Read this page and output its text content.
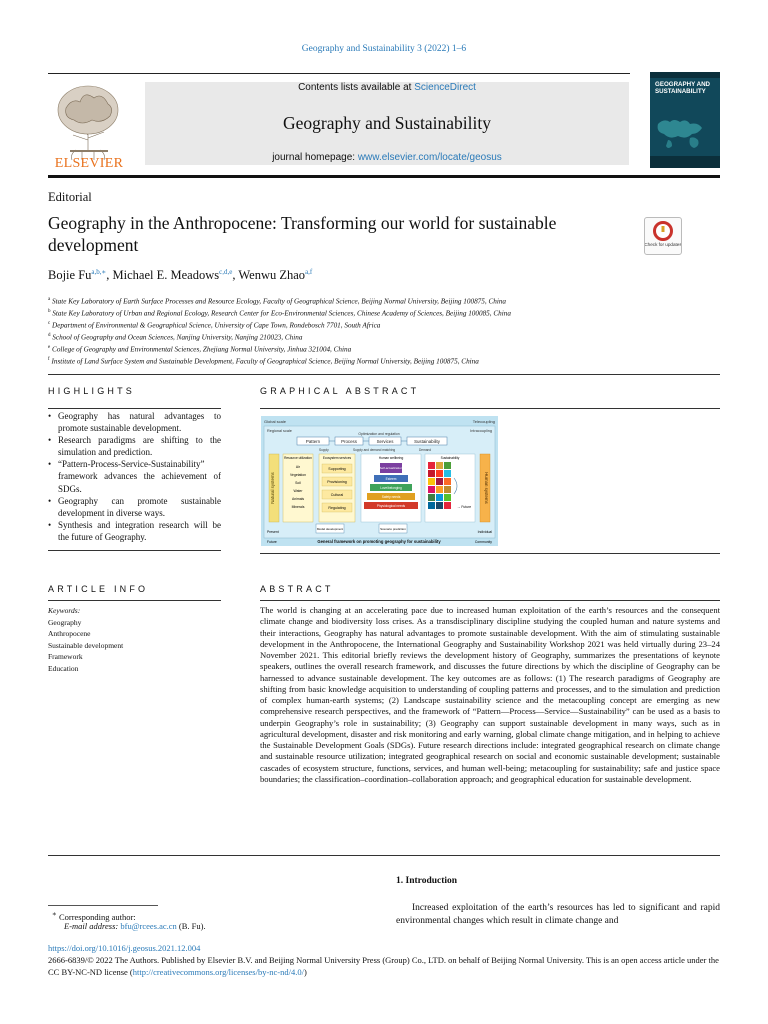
Geography and Sustainability 3 (2022) 1–6
Contents lists available at ScienceDirect
Geography and Sustainability
journal homepage: www.elsevier.com/locate/geosus
ELSEVIER
GEOGRAPHY AND
SUSTAINABILITY
Editorial
Geography in the Anthropocene: Transforming our world for sustainable development	Check for updates
Bojie $Fu^{a,b,∗}$, Michael E. Meadows$^{c,d,e}$, Wenwu Zhao$^{a,f}$
$^a$ State Key Laboratory of Earth Surface Processes and Resource Ecology, Faculty of Geographical Science, Beijing Normal University, Beijing 100875, China
$^b$ State Key Laboratory of Urban and Regional Ecology, Research Center for Eco-Environmental Sciences, Chinese Academy of Sciences, Beijing 100085, China
$^c$ Department of Environmental & Geographical Science, University of Cape Town, Rondebosch 7701, South Africa
$^d$ School of Geography and Ocean Sciences, Nanjing University, Nanjing 210023, China
$^e$ College of Geography and Environmental Sciences, Zhejiang Normal University, Jinhua 321004, China
$^f$ Institute of Land Surface System and Sustainable Development, Faculty of Geographical Science, Beijing Normal University, Beijing 100875, China
HIGHLIGHTS
• Geography has natural advantages to promote sustainable development.
• Research paradigms are shifting to the simulation and prediction.
• “Pattern-Process-Service-Sustainability” framework advances the achievement of SDGs.
• Geography can promote sustainable development in diverse ways.
• Synthesis and integration research will be the future of Geography.
GRAPHICAL ABSTRACT
Global scale	Telecoupling
Regional scale	Intracoupling
Optimization and regulation
Pattern	Process	Services	Sustainability
Supply	Supply and demand matching	Demand
Natural systems	Human systems
Resource utilization
Air
Vegetation
Soil
Water
Animals
Minerals
Ecosystem services
Supporting
Provisioning
Cultural
Regulating
Human wellbeing
Self-actualization
Esteem
Love/belonging
Safety needs
Physiological needs
Sustainability
→ Future
Model development	Scenario prediction
Present	Individual
Future	General framework on promoting geography for sustainability	Community
ARTICLE INFO
Keywords:
Geography
Anthropocene
Sustainable development
Framework
Education
ABSTRACT
The world is changing at an accelerating pace due to increased human exploitation of the earth’s resources and the consequent climate change and biodiversity loss crises. As a transdisciplinary discipline studying the coupled human and nature systems and their interactions, Geography has natural advantages to promote sustainable development. With the aim of stimulating sustainable development in the Anthropocene, the International Geography and Sustainability Workshop 2021 was held virtually during 23–24 November 2021. This editorial briefly reviews the development history of Geography, summarizes the presentations of keynote speakers, outlines the overall research framework, and discusses the future directions by which the discipline of Geography can be harnessed to advance sustainable development. The key outcomes are as follows: (1) The research paradigms of Geography are shifting from basic knowledge acquisition to understanding of coupling patterns and processes, and to the simulation and prediction of complex human-earth systems; (2) Landscape sustainability science and the metacoupling concept are emerging as new comprehensive research perspectives, and the framework of “Pattern—Process—Service—Sustainability” can be used as a basis to underpin Geography’s role in sustainability; (3) Geography can support sustainable development in many ways, such as in agricultural development, disaster and risk monitoring and early warning, global climate change mitigation, and in helping to achieve the Sustainable Development Goals (SDGs). Future research directions include: integrated geographical research on climate change and sustainable resource utilization; integrated geographical research on social and economic sustainable development; sustainable cascades of ecosystem structure, functions, services, and human well-being; metacoupling for sustainability; safe and justice space boundaries; the classification–coordination–collaboration approach; and geographical education for sustainable development.
1. Introduction
Increased exploitation of the earth’s resources has led to significant and rapid environmental changes which result in climate change and
∗ Corresponding author:
E-mail address: bfu@rcees.ac.cn (B. Fu).
https://doi.org/10.1016/j.geosus.2021.12.004
2666-6839/© 2022 The Authors. Published by Elsevier B.V. and Beijing Normal University Press (Group) Co., LTD. on behalf of Beijing Normal University. This is an open access article under the CC BY-NC-ND license (http://creativecommons.org/licenses/by-nc-nd/4.0/)
